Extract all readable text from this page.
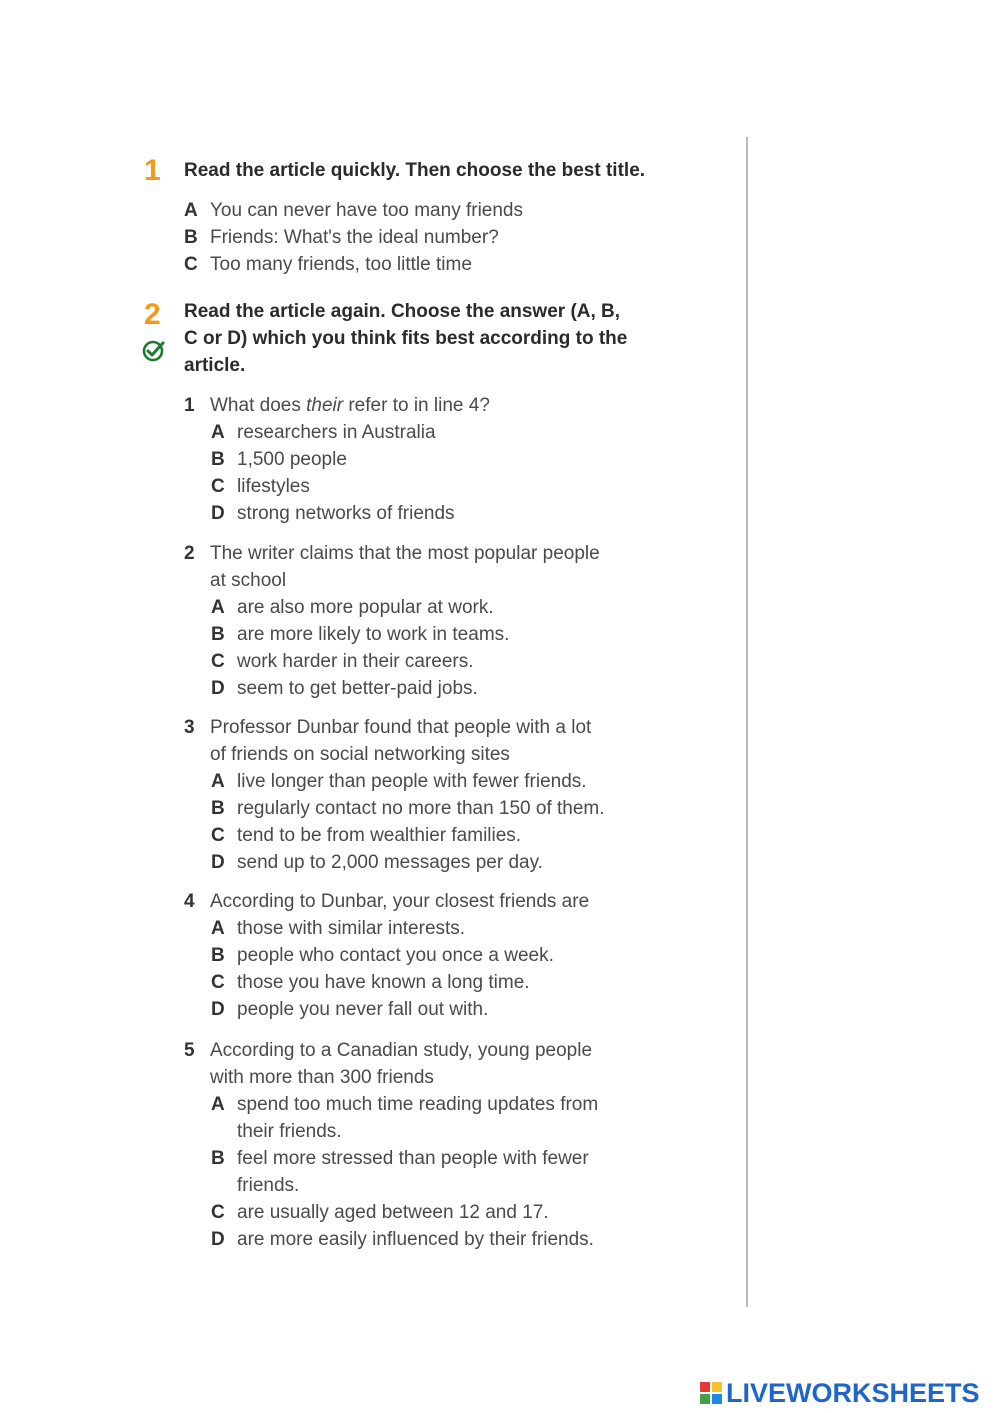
1 Read the article quickly. Then choose the best title.
A You can never have too many friends
B Friends: What's the ideal number?
C Too many friends, too little time
2 Read the article again. Choose the answer (A, B,
C or D) which you think fits best according to the
article.
1 What does their refer to in line 4?
A researchers in Australia
B 1,500 people
C lifestyles
D strong networks of friends
2 The writer claims that the most popular people
at school
A are also more popular at work.
B are more likely to work in teams.
C work harder in their careers.
D seem to get better-paid jobs.
3 Professor Dunbar found that people with a lot
of friends on social networking sites
A live longer than people with fewer friends.
B regularly contact no more than 150 of them.
C tend to be from wealthier families.
D send up to 2,000 messages per day.
4 According to Dunbar, your closest friends are
A those with similar interests.
B people who contact you once a week.
C those you have known a long time.
D people you never fall out with.
5 According to a Canadian study, young people
with more than 300 friends
A spend too much time reading updates from
their friends.
B feel more stressed than people with fewer
friends.
C are usually aged between 12 and 17.
D are more easily influenced by their friends.
LIVEWORKSHEETS
